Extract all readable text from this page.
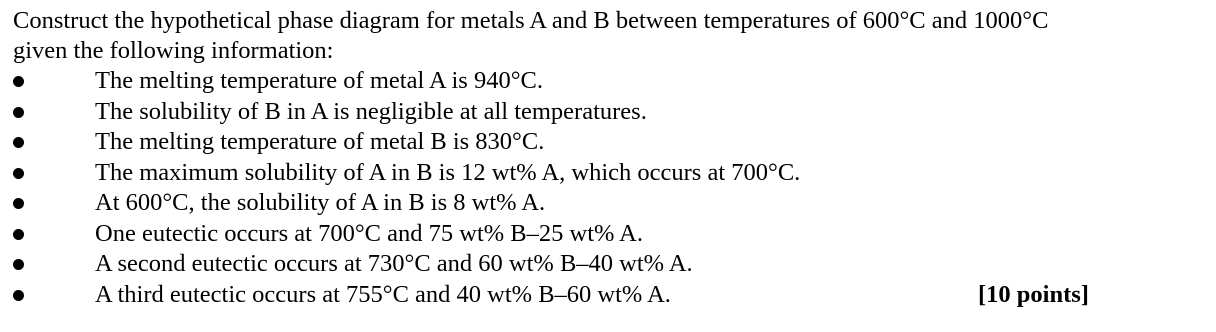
Construct the hypothetical phase diagram for metals A and B between temperatures of 600°C and 1000°C
given the following information:

The melting temperature of metal A is 940°C.
The solubility of B in A is negligible at all temperatures.
The melting temperature of metal B is 830°C.
The maximum solubility of A in B is 12 wt% A, which occurs at 700°C.
At 600°C, the solubility of A in B is 8 wt% A.
One eutectic occurs at 700°C and 75 wt% B–25 wt% A.
A second eutectic occurs at 730°C and 60 wt% B–40 wt% A.
A third eutectic occurs at 755°C and 40 wt% B–60 wt% A.	[10 points]
